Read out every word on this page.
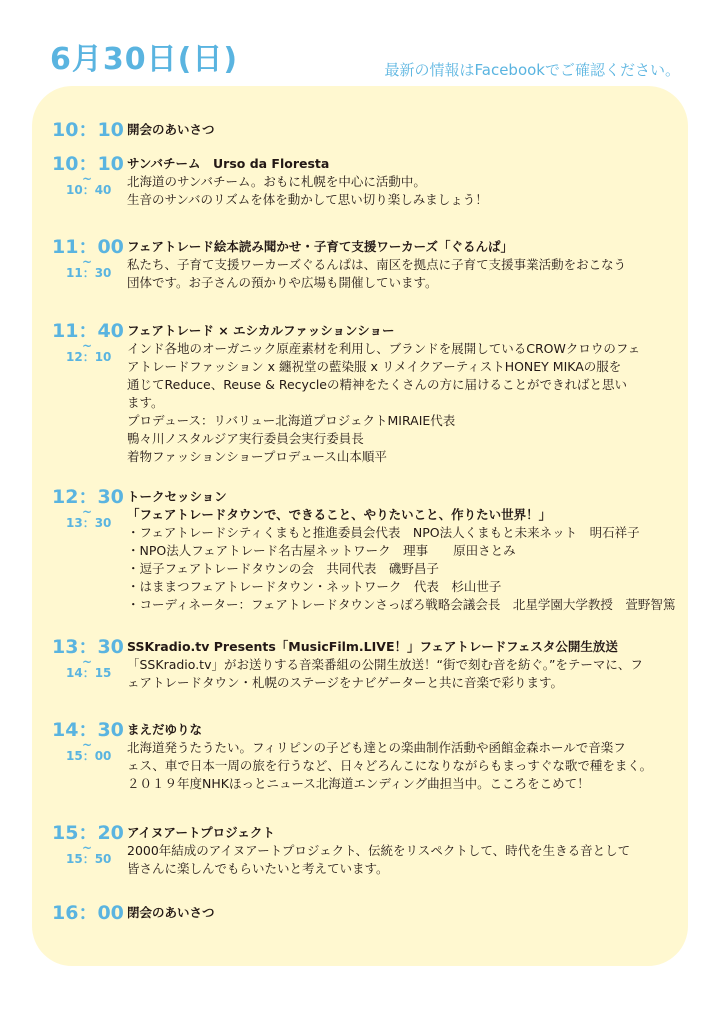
6月30日(日)	最新の情報はFacebookでご確認ください。
10：10 開会のあいさつ
10：10
~
10：40
サンバチーム　Urso da Floresta
北海道のサンバチーム。おもに札幌を中心に活動中。
生音のサンバのリズムを体を動かして思い切り楽しみましょう！
11：00
~
11：30
フェアトレード絵本読み聞かせ・子育て支援ワーカーズ「ぐるんぱ」
私たち、子育て支援ワーカーズぐるんぱは、南区を拠点に子育て支援事業活動をおこなう
団体です。お子さんの預かりや広場も開催しています。
11：40
~
12：10
フェアトレード × エシカルファッションショー
インド各地のオーガニック原産素材を利用し、ブランドを展開しているCROWクロウのフェ
アトレードファッション x 纏祝堂の藍染服 x リメイクアーティストHONEY MIKAの服を
通じてReduce、Reuse & Recycleの精神をたくさんの方に届けることができればと思い
ます。
プロデュース：リバリュー北海道プロジェクトMIRAIE代表
鴨々川ノスタルジア実行委員会実行委員長
着物ファッションショープロデュース山本順平
12：30
~
13：30
トークセッション
「フェアトレードタウンで、できること、やりたいこと、作りたい世界！」
・フェアトレードシティくまもと推進委員会代表　NPO法人くまもと未来ネット　明石祥子
・NPO法人フェアトレード名古屋ネットワーク　理事　　原田さとみ
・逗子フェアトレードタウンの会　共同代表　磯野昌子
・はままつフェアトレードタウン・ネットワーク　代表　杉山世子
・コーディネーター：フェアトレードタウンさっぽろ戦略会議会長　北星学園大学教授　萱野智篤
13：30
~
14：15
SSKradio.tv Presents「MusicFilm.LIVE！」フェアトレードフェスタ公開生放送
「SSKradio.tv」がお送りする音楽番組の公開生放送！“街で刻む音を紡ぐ。”をテーマに、フ
ェアトレードタウン・札幌のステージをナビゲーターと共に音楽で彩ります。
14：30
~
15：00
まえだゆりな
北海道発うたうたい。フィリピンの子ども達との楽曲制作活動や函館金森ホールで音楽フ
ェス、車で日本一周の旅を行うなど、日々どろんこになりながらもまっすぐな歌で種をまく。
２０１９年度NHKほっとニュース北海道エンディング曲担当中。こころをこめて！
15：20
~
15：50
アイヌアートプロジェクト
2000年結成のアイヌアートプロジェクト、伝統をリスペクトして、時代を生きる音として
皆さんに楽しんでもらいたいと考えています。
16：00 閉会のあいさつ
